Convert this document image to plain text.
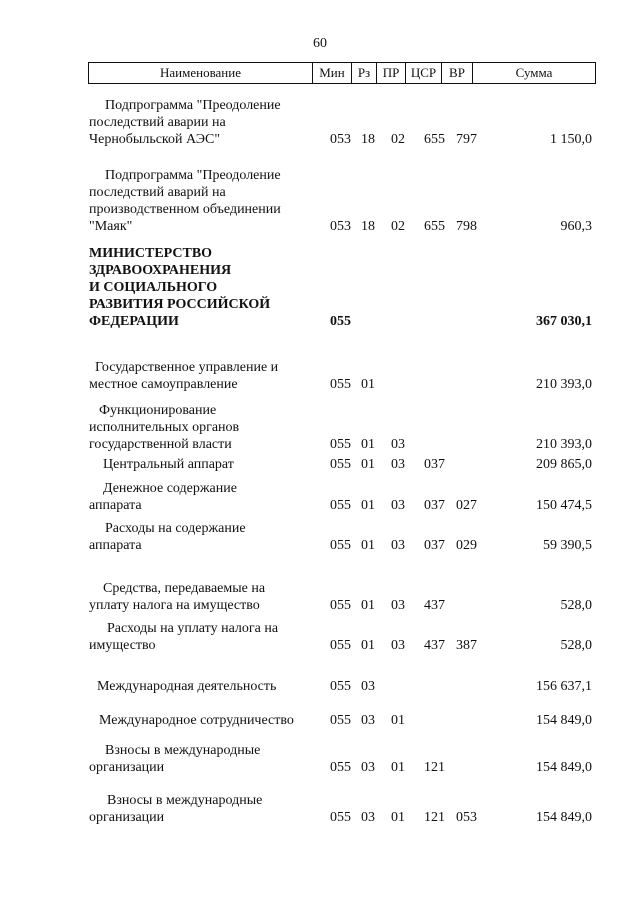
60
Наименование	Мин	Рз ПР ЦСР ВР	Сумма
Подпрограмма "Преодоление
последствий аварии на
Чернобыльской АЭС"	053 18 02 655 797	1 150,0
Подпрограмма "Преодоление
последствий аварий на
производственном объединении
"Маяк"	053 18 02 655 798	960,3
МИНИСТЕРСТВО
ЗДРАВООХРАНЕНИЯ
И СОЦИАЛЬНОГО
РАЗВИТИЯ РОССИЙСКОЙ
ФЕДЕРАЦИИ	055	367 030,1
Государственное управление и
местное самоуправление	055 01	210 393,0
Функционирование
исполнительных органов
государственной власти	055 01 03	210 393,0
Центральный аппарат	055 01 03 037	209 865,0
Денежное содержание
аппарата	055 01 03 037 027	150 474,5
Расходы на содержание
аппарата	055 01 03 037 029	59 390,5
Средства, передаваемые на
уплату налога на имущество	055 01 03 437	528,0
Расходы на уплату налога на
имущество	055 01 03 437 387	528,0
Международная деятельность	055 03	156 637,1
Международное сотрудничество	055 03 01	154 849,0
Взносы в международные
организации	055 03 01 121	154 849,0
Взносы в международные
организации	055 03 01 121 053	154 849,0
